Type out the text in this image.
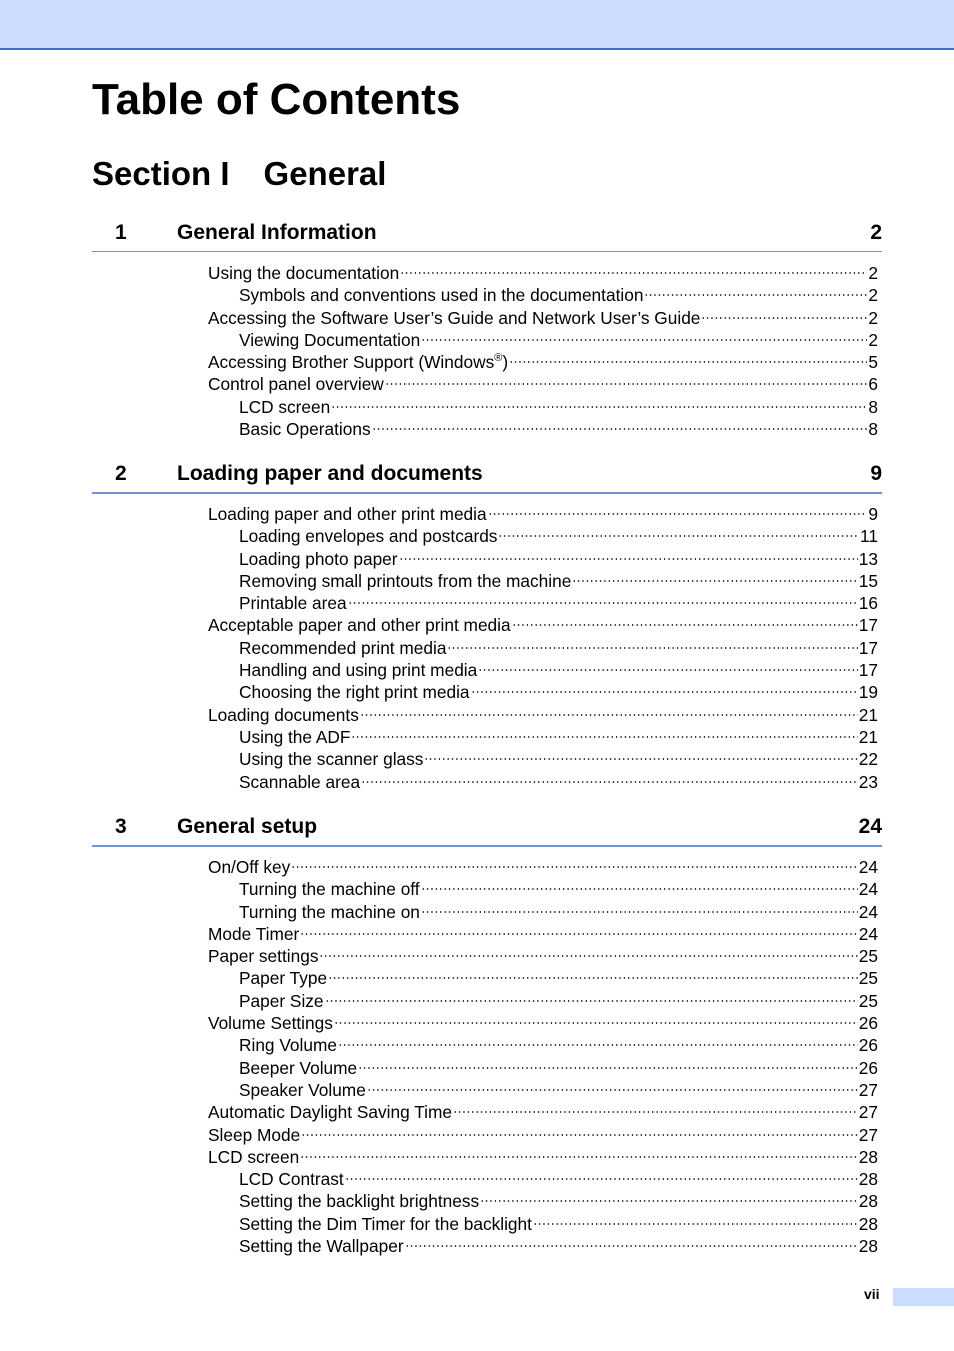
Table of Contents
Section I General
1 General Information	2
Using the documentation	2
Symbols and conventions used in the documentation	2
Accessing the Software User’s Guide and Network User’s Guide	2
Viewing Documentation	2
Accessing Brother Support (Windows®)	5
Control panel overview	6
LCD screen	8
Basic Operations	8
2 Loading paper and documents	9
Loading paper and other print media	9
Loading envelopes and postcards	11
Loading photo paper	13
Removing small printouts from the machine	15
Printable area	16
Acceptable paper and other print media	17
Recommended print media	17
Handling and using print media	17
Choosing the right print media	19
Loading documents	21
Using the ADF	21
Using the scanner glass	22
Scannable area	23
3 General setup	24
On/Off key	24
Turning the machine off	24
Turning the machine on	24
Mode Timer	24
Paper settings	25
Paper Type	25
Paper Size	25
Volume Settings	26
Ring Volume	26
Beeper Volume	26
Speaker Volume	27
Automatic Daylight Saving Time	27
Sleep Mode	27
LCD screen	28
LCD Contrast	28
Setting the backlight brightness	28
Setting the Dim Timer for the backlight	28
Setting the Wallpaper	28
vii
